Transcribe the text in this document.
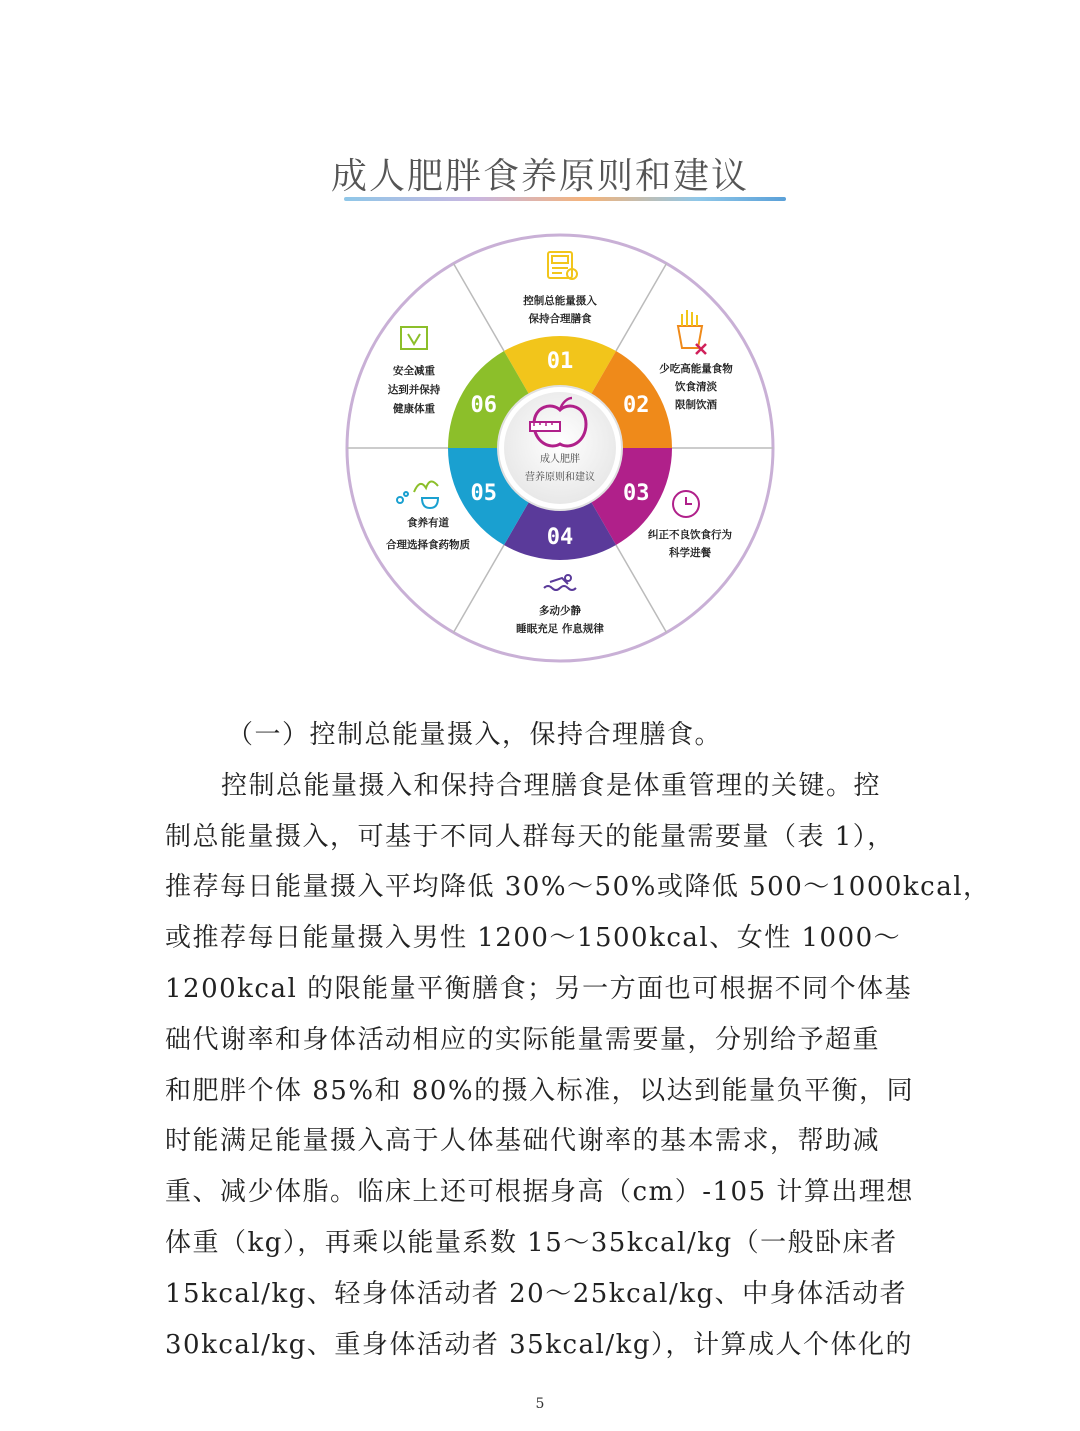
成人肥胖食养原则和建议
01
02
03
04
05
06
成人肥胖
营养原则和建议
控制总能量摄入
保持合理膳食
少吃高能量食物
饮食清淡
限制饮酒
纠正不良饮食行为
科学进餐
多动少静
睡眠充足 作息规律
食养有道
合理选择食药物质
安全减重
达到并保持
健康体重
（一）控制总能量摄入，保持合理膳食。
控制总能量摄入和保持合理膳食是体重管理的关键。控
制总能量摄入，可基于不同人群每天的能量需要量（表 1），
推荐每日能量摄入平均降低 30%～50%或降低 500～1000kcal，
或推荐每日能量摄入男性 1200～1500kcal、女性 1000～
1200kcal 的限能量平衡膳食；另一方面也可根据不同个体基
础代谢率和身体活动相应的实际能量需要量，分别给予超重
和肥胖个体 85%和 80%的摄入标准，以达到能量负平衡，同
时能满足能量摄入高于人体基础代谢率的基本需求，帮助减
重、减少体脂。临床上还可根据身高（cm）-105 计算出理想
体重（kg），再乘以能量系数 15～35kcal/kg（一般卧床者
15kcal/kg、轻身体活动者 20～25kcal/kg、中身体活动者
30kcal/kg、重身体活动者 35kcal/kg），计算成人个体化的
5
